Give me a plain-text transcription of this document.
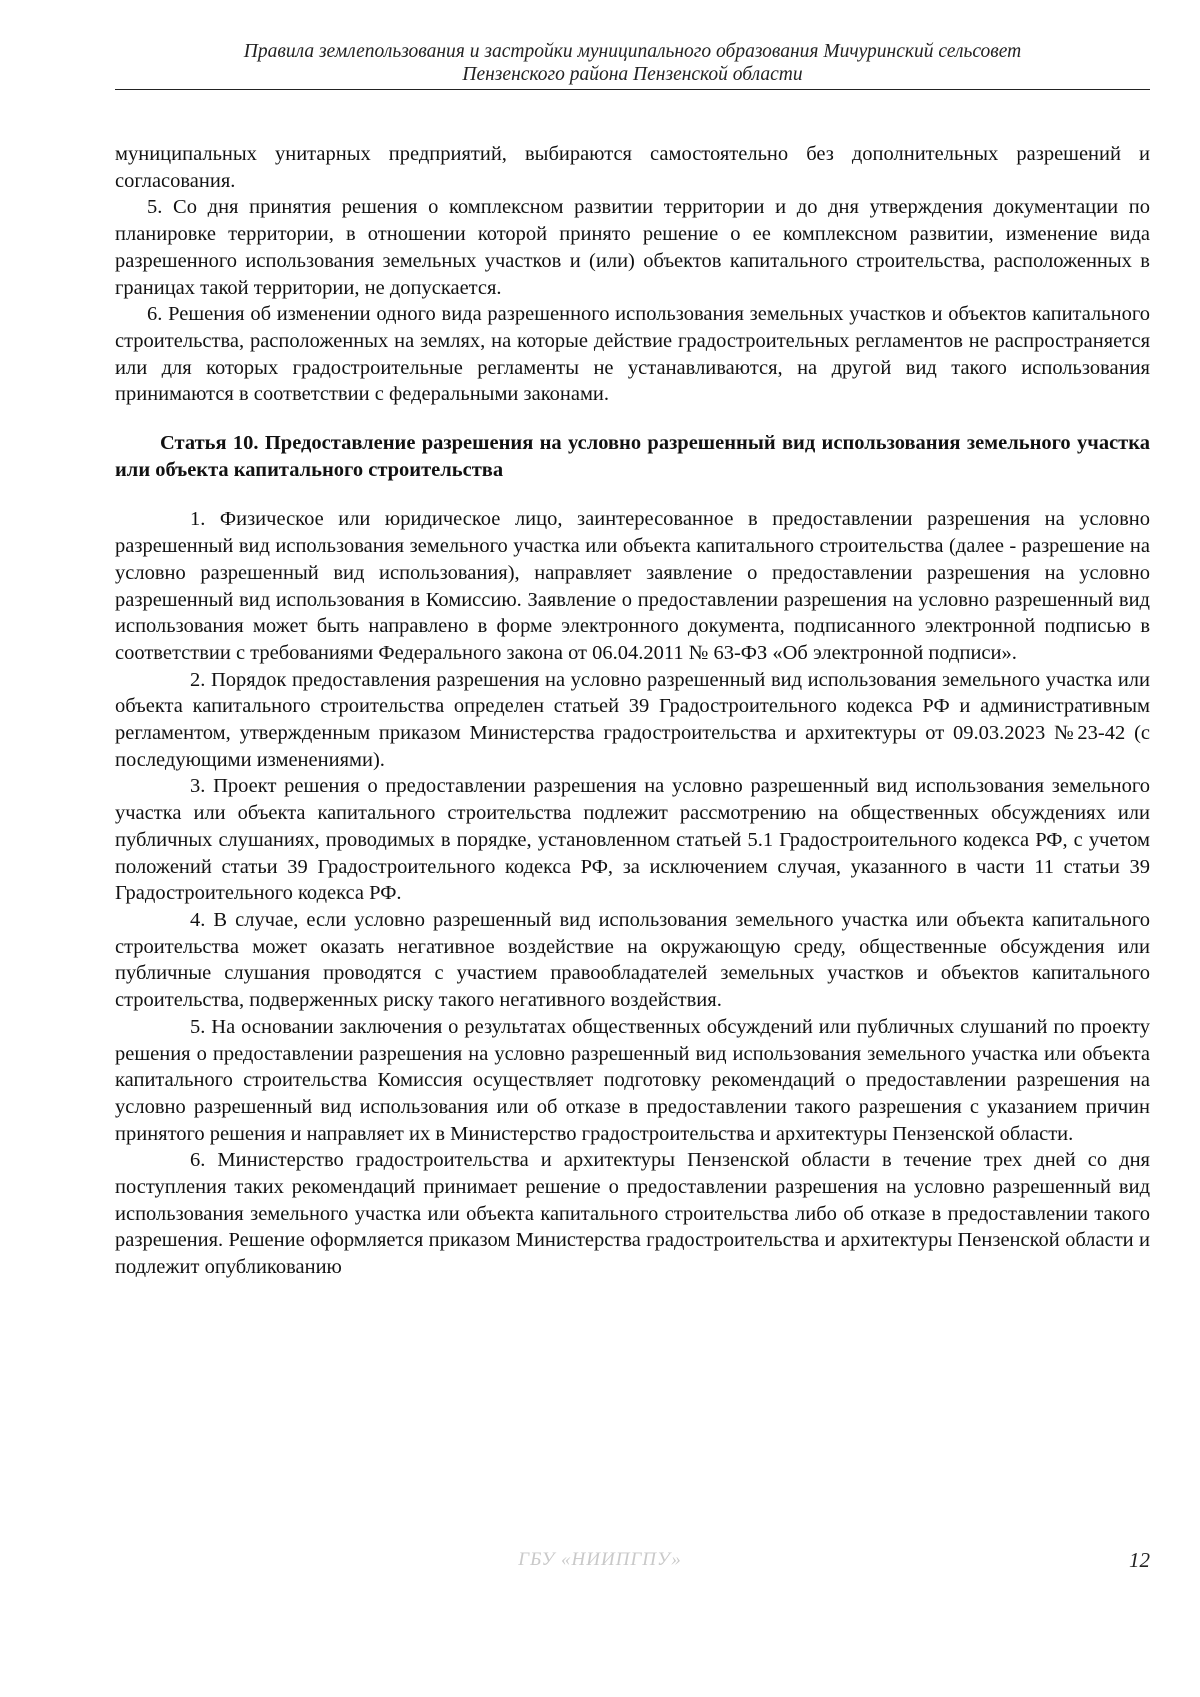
Правила землепользования и застройки муниципального образования Мичуринский сельсовет
Пензенского района Пензенской области

муниципальных унитарных предприятий, выбираются самостоятельно без дополнительных разрешений и согласования.

5. Со дня принятия решения о комплексном развитии территории и до дня утверждения документации по планировке территории, в отношении которой принято решение о ее комплексном развитии, изменение вида разрешенного использования земельных участков и (или) объектов капитального строительства, расположенных в границах такой территории, не допускается.

6. Решения об изменении одного вида разрешенного использования земельных участков и объектов капитального строительства, расположенных на землях, на которые действие градостроительных регламентов не распространяется или для которых градостроительные регламенты не устанавливаются, на другой вид такого использования принимаются в соответствии с федеральными законами.

Статья 10. Предоставление разрешения на условно разрешенный вид использования земельного участка или объекта капитального строительства

1. Физическое или юридическое лицо, заинтересованное в предоставлении разрешения на условно разрешенный вид использования земельного участка или объекта капитального строительства (далее - разрешение на условно разрешенный вид использования), направляет заявление о предоставлении разрешения на условно разрешенный вид использования в Комиссию. Заявление о предоставлении разрешения на условно разрешенный вид использования может быть направлено в форме электронного документа, подписанного электронной подписью в соответствии с требованиями Федерального закона от 06.04.2011 № 63-ФЗ «Об электронной подписи».

2. Порядок предоставления разрешения на условно разрешенный вид использования земельного участка или объекта капитального строительства определен статьей 39 Градостроительного кодекса РФ и административным регламентом, утвержденным приказом Министерства градостроительства и архитектуры от 09.03.2023 №23-42 (с последующими изменениями).

3. Проект решения о предоставлении разрешения на условно разрешенный вид использования земельного участка или объекта капитального строительства подлежит рассмотрению на общественных обсуждениях или публичных слушаниях, проводимых в порядке, установленном статьей 5.1 Градостроительного кодекса РФ, с учетом положений статьи 39 Градостроительного кодекса РФ, за исключением случая, указанного в части 11 статьи 39 Градостроительного кодекса РФ.

4. В случае, если условно разрешенный вид использования земельного участка или объекта капитального строительства может оказать негативное воздействие на окружающую среду, общественные обсуждения или публичные слушания проводятся с участием правообладателей земельных участков и объектов капитального строительства, подверженных риску такого негативного воздействия.

5. На основании заключения о результатах общественных обсуждений или публичных слушаний по проекту решения о предоставлении разрешения на условно разрешенный вид использования земельного участка или объекта капитального строительства Комиссия осуществляет подготовку рекомендаций о предоставлении разрешения на условно разрешенный вид использования или об отказе в предоставлении такого разрешения с указанием причин принятого решения и направляет их в Министерство градостроительства и архитектуры Пензенской области.

6. Министерство градостроительства и архитектуры Пензенской области в течение трех дней со дня поступления таких рекомендаций принимает решение о предоставлении разрешения на условно разрешенный вид использования земельного участка или объекта капитального строительства либо об отказе в предоставлении такого разрешения. Решение оформляется приказом Министерства градостроительства и архитектуры Пензенской области и подлежит опубликованию

ГБУ «НИИПГПУ»	12
